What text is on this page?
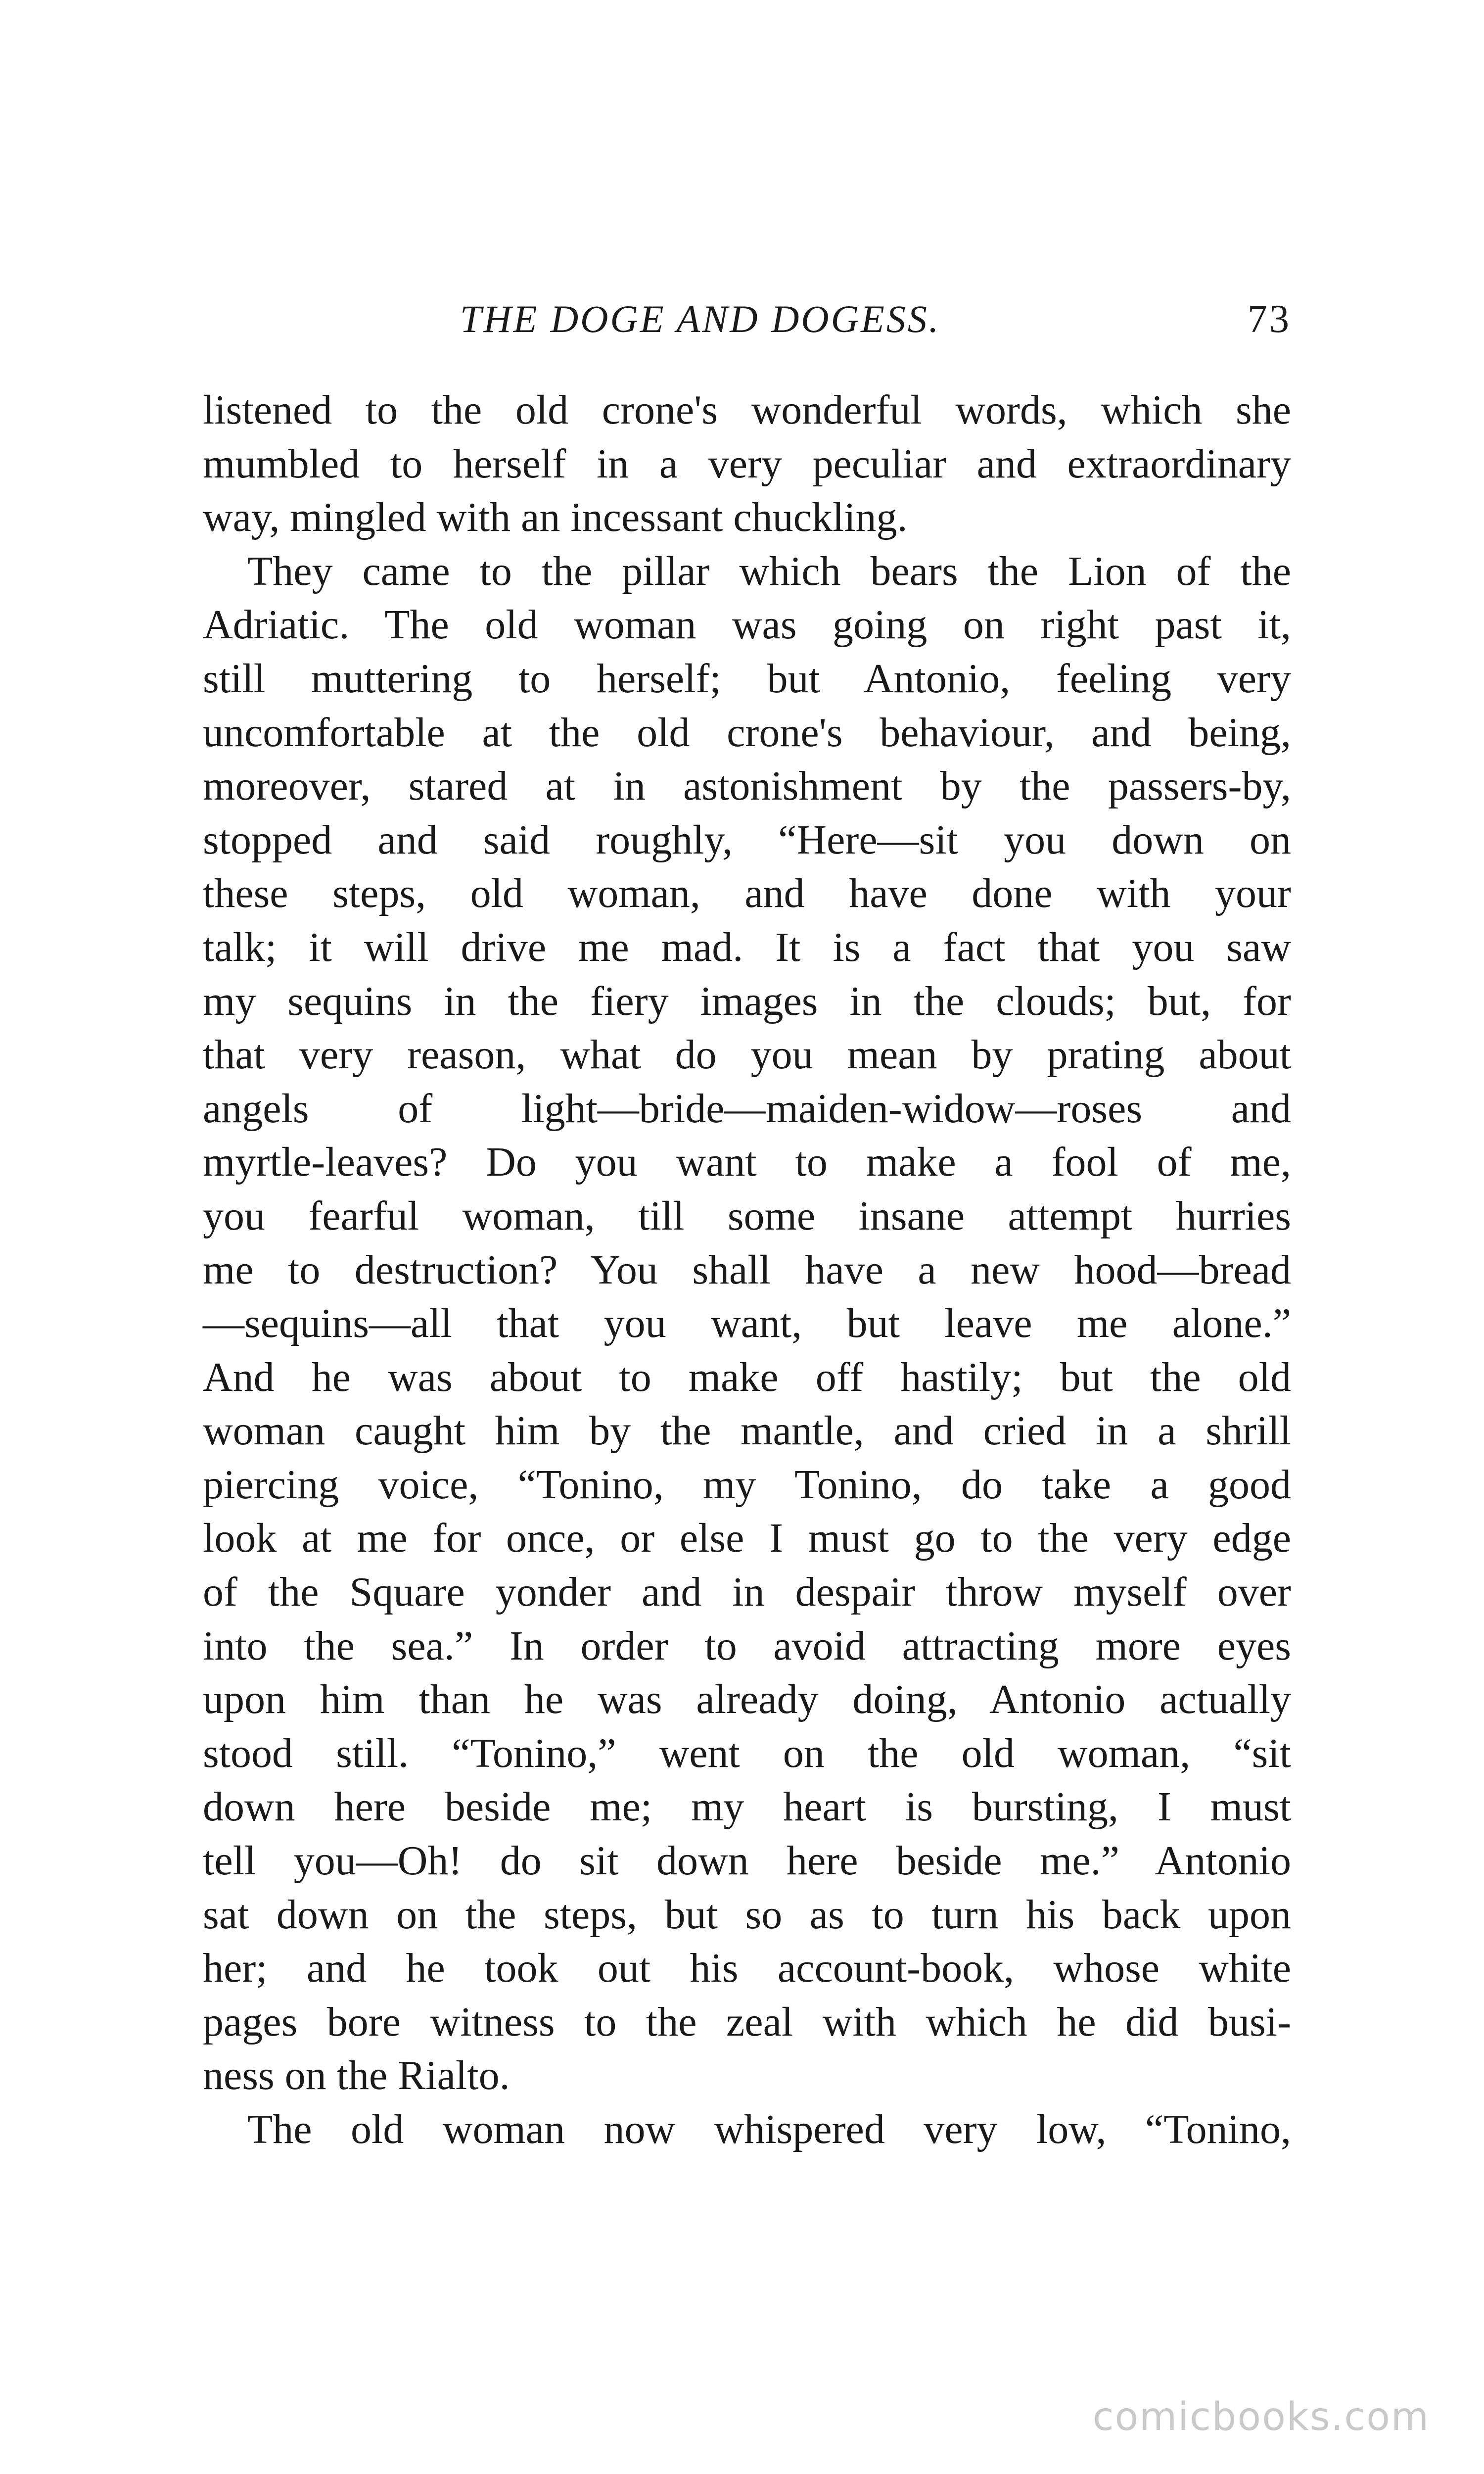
THE DOGE AND DOGESS.	73
listened to the old crone's wonderful words, which she
mumbled to herself in a very peculiar and extraordinary
way, mingled with an incessant chuckling.
They came to the pillar which bears the Lion of the
Adriatic. The old woman was going on right past it,
still muttering to herself; but Antonio, feeling very
uncomfortable at the old crone's behaviour, and being,
moreover, stared at in astonishment by the passers-by,
stopped and said roughly, “Here—sit you down on
these steps, old woman, and have done with your
talk; it will drive me mad. It is a fact that you saw
my sequins in the fiery images in the clouds; but, for
that very reason, what do you mean by prating about
angels of light—bride—maiden-widow—roses and
myrtle-leaves? Do you want to make a fool of me,
you fearful woman, till some insane attempt hurries
me to destruction? You shall have a new hood—bread
—sequins—all that you want, but leave me alone.”
And he was about to make off hastily; but the old
woman caught him by the mantle, and cried in a shrill
piercing voice, “Tonino, my Tonino, do take a good
look at me for once, or else I must go to the very edge
of the Square yonder and in despair throw myself over
into the sea.” In order to avoid attracting more eyes
upon him than he was already doing, Antonio actually
stood still. “Tonino,” went on the old woman, “sit
down here beside me; my heart is bursting, I must
tell you—Oh! do sit down here beside me.” Antonio
sat down on the steps, but so as to turn his back upon
her; and he took out his account-book, whose white
pages bore witness to the zeal with which he did busi-
ness on the Rialto.
The old woman now whispered very low, “Tonino,
comicbooks.com
